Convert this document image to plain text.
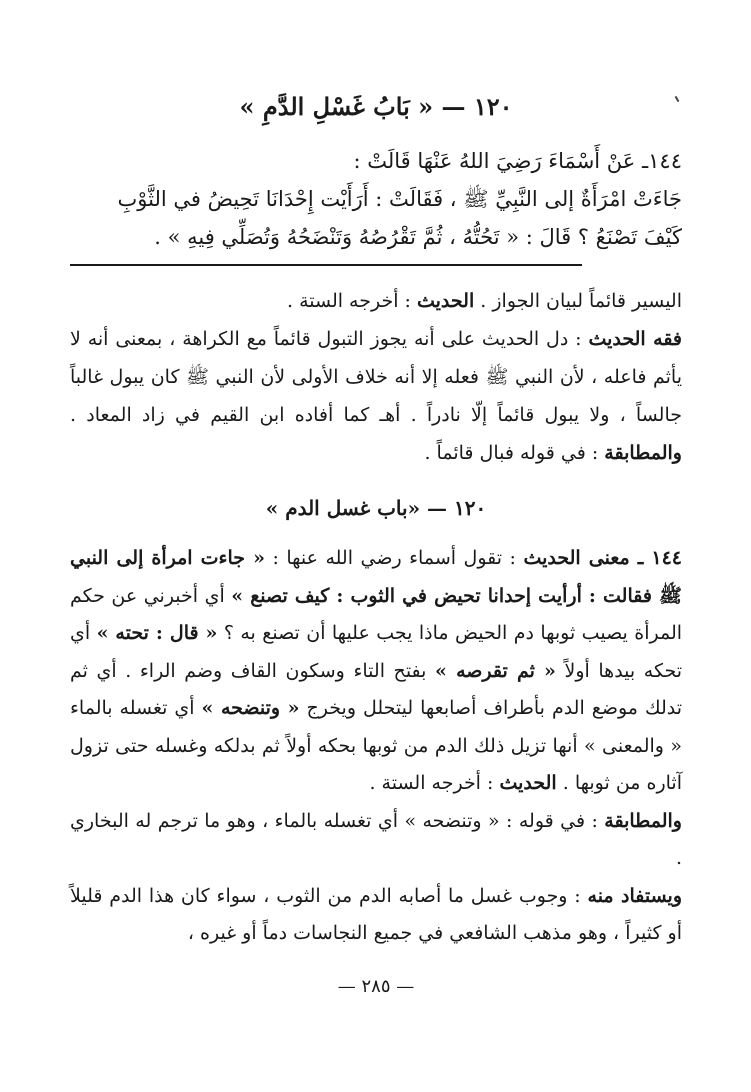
١٢٠ — « بَابُ غَسْلِ الدَّمِ »

١٤٤ـ عَنْ أَسْمَاءَ رَضِيَ اللهُ عَنْهَا قَالَتْ :

جَاءَتْ امْرَأَةٌ إلى النَّبِيِّ ﷺ ، فَقَالَتْ : أَرَأَيْت إِحْدَانَا تَحِيضُ في الثَّوْبِ

كَيْفَ تَصْنَعُ ؟ قَالَ : « تَحُتُّهُ ، ثُمَّ تَقْرُصُهُ وَتَنْضَحُهُ وَتُصَلِّي فِيهِ » .

اليسير قائماً لبيان الجواز . الحديث : أخرجه الستة .

فقه الحديث : دل الحديث على أنه يجوز التبول قائماً مع الكراهة ، بمعنى أنه لا يأثم فاعله ، لأن النبي ﷺ فعله إلا أنه خلاف الأولى لأن النبي ﷺ كان يبول غالباً جالساً ، ولا يبول قائماً إلّا نادراً . أهـ كما أفاده ابن القيم في زاد المعاد . والمطابقة : في قوله فبال قائماً .

١٢٠ — «باب غسل الدم »

١٤٤ ـ معنى الحديث : تقول أسماء رضي الله عنها : « جاءت امرأة إلى النبي ﷺ فقالت : أرأيت إحدانا تحيض في الثوب : كيف تصنع » أي أخبرني عن حكم المرأة يصيب ثوبها دم الحيض ماذا يجب عليها أن تصنع به ؟ « قال : تحته » أي تحكه بيدها أولاً « ثم تقرصه » بفتح التاء وسكون القاف وضم الراء . أي ثم تدلك موضع الدم بأطراف أصابعها ليتحلل ويخرج « وتنضحه » أي تغسله بالماء « والمعنى » أنها تزيل ذلك الدم من ثوبها بحكه أولاً ثم بدلكه وغسله حتى تزول آثاره من ثوبها . الحديث : أخرجه الستة .

والمطابقة : في قوله : « وتنضحه » أي تغسله بالماء ، وهو ما ترجم له البخاري .

ويستفاد منه : وجوب غسل ما أصابه الدم من الثوب ، سواء كان هذا الدم قليلاً أو كثيراً ، وهو مذهب الشافعي في جميع النجاسات دماً أو غيره ،

— ٢٨٥ —
